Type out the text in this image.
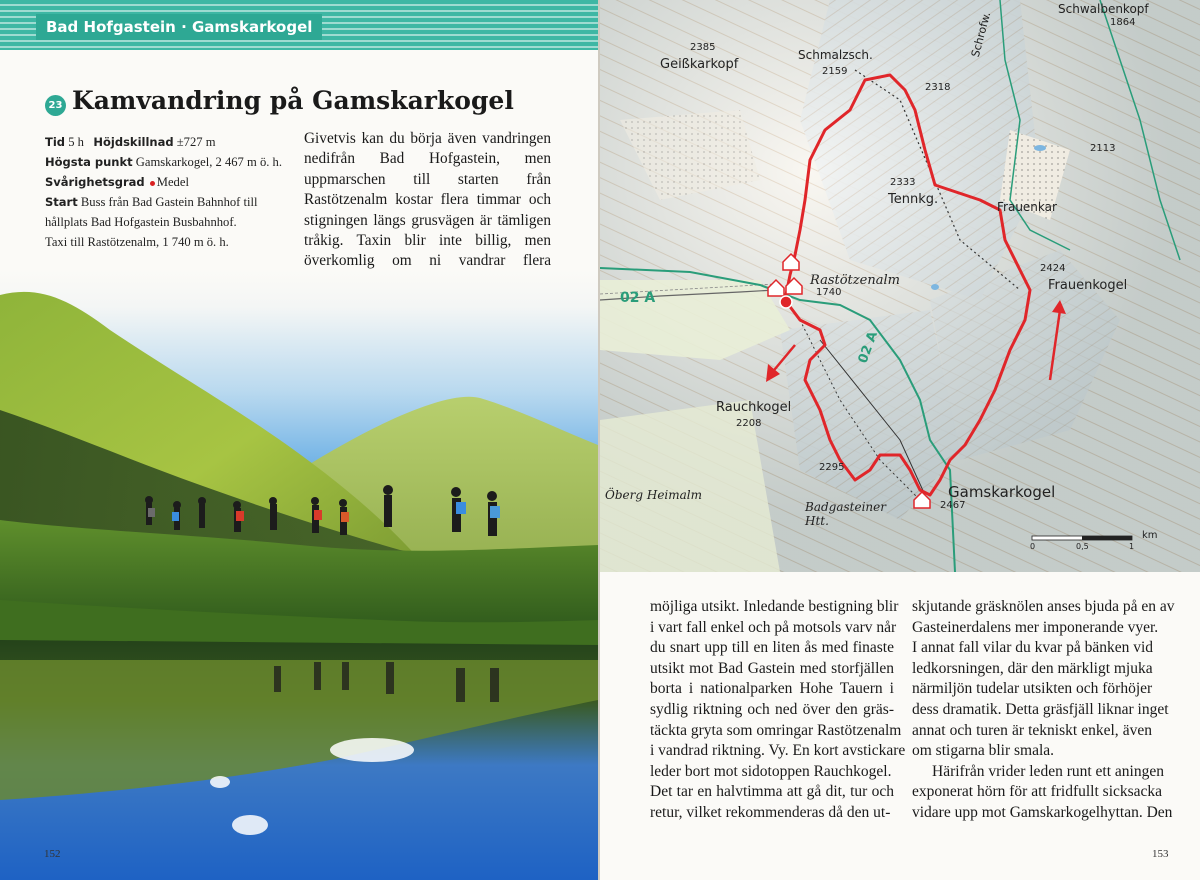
Bad Hofgastein · Gamskarkogel
23 Kamvandring på Gamskarkogel
Tid 5 h Höjdskillnad ±727 m
Högsta punkt Gamskarkogel, 2 467 m ö. h.
Svårighetsgrad Medel
Start Buss från Bad Gastein Bahnhof till
hållplats Bad Hofgastein Busbahnhof.
Taxi till Rastötzenalm, 1 740 m ö. h.

Givetvis kan du börja även vandringen nedifrån Bad Hofgastein, men uppmarschen till starten från Rastötzenalm kostar flera timmar och stigningen längs grusvägen är tämligen tråkig. Taxin blir inte billig, men överkomlig om ni vandrar flera

152
Schwalbenkopf
1864
2385
Geißkarkopf
Schmalzsch.
2159
2318
Schrofw.
2113
2333
Tennkg.	Frauenkar
2424
Frauenkogel
Rastötzenalm
1740
02 A
02 A
Rauchkogel
2208
2295
Gamskarkogel
2467
Badgasteiner Htt.
Öberg Heimalm
0	0,5	1
km
möjliga utsikt. Inledande bestigning blir
i vart fall enkel och på motsols varv når
du snart upp till en liten ås med finaste
utsikt mot Bad Gastein med storfjällen
borta i nationalparken Hohe Tauern i
sydlig riktning och ned över den gräs-
täckta gryta som omringar Rastötzenalm
i vandrad riktning. Vy. En kort avstickare
leder bort mot sidotoppen Rauchkogel.
Det tar en halvtimma att gå dit, tur och
retur, vilket rekommenderas då den ut-
skjutande gräsknölen anses bjuda på en av
Gasteinerdalens mer imponerande vyer.
I annat fall vilar du kvar på bänken vid
ledkorsningen, där den märkligt mjuka
närmiljön tudelar utsikten och förhöjer
dess dramatik. Detta gräsfjäll liknar inget
annat och turen är tekniskt enkel, även
om stigarna blir smala.
Härifrån vrider leden runt ett aningen
exponerat hörn för att fridfullt sicksacka
vidare upp mot Gamskarkogelhyttan. Den
153
